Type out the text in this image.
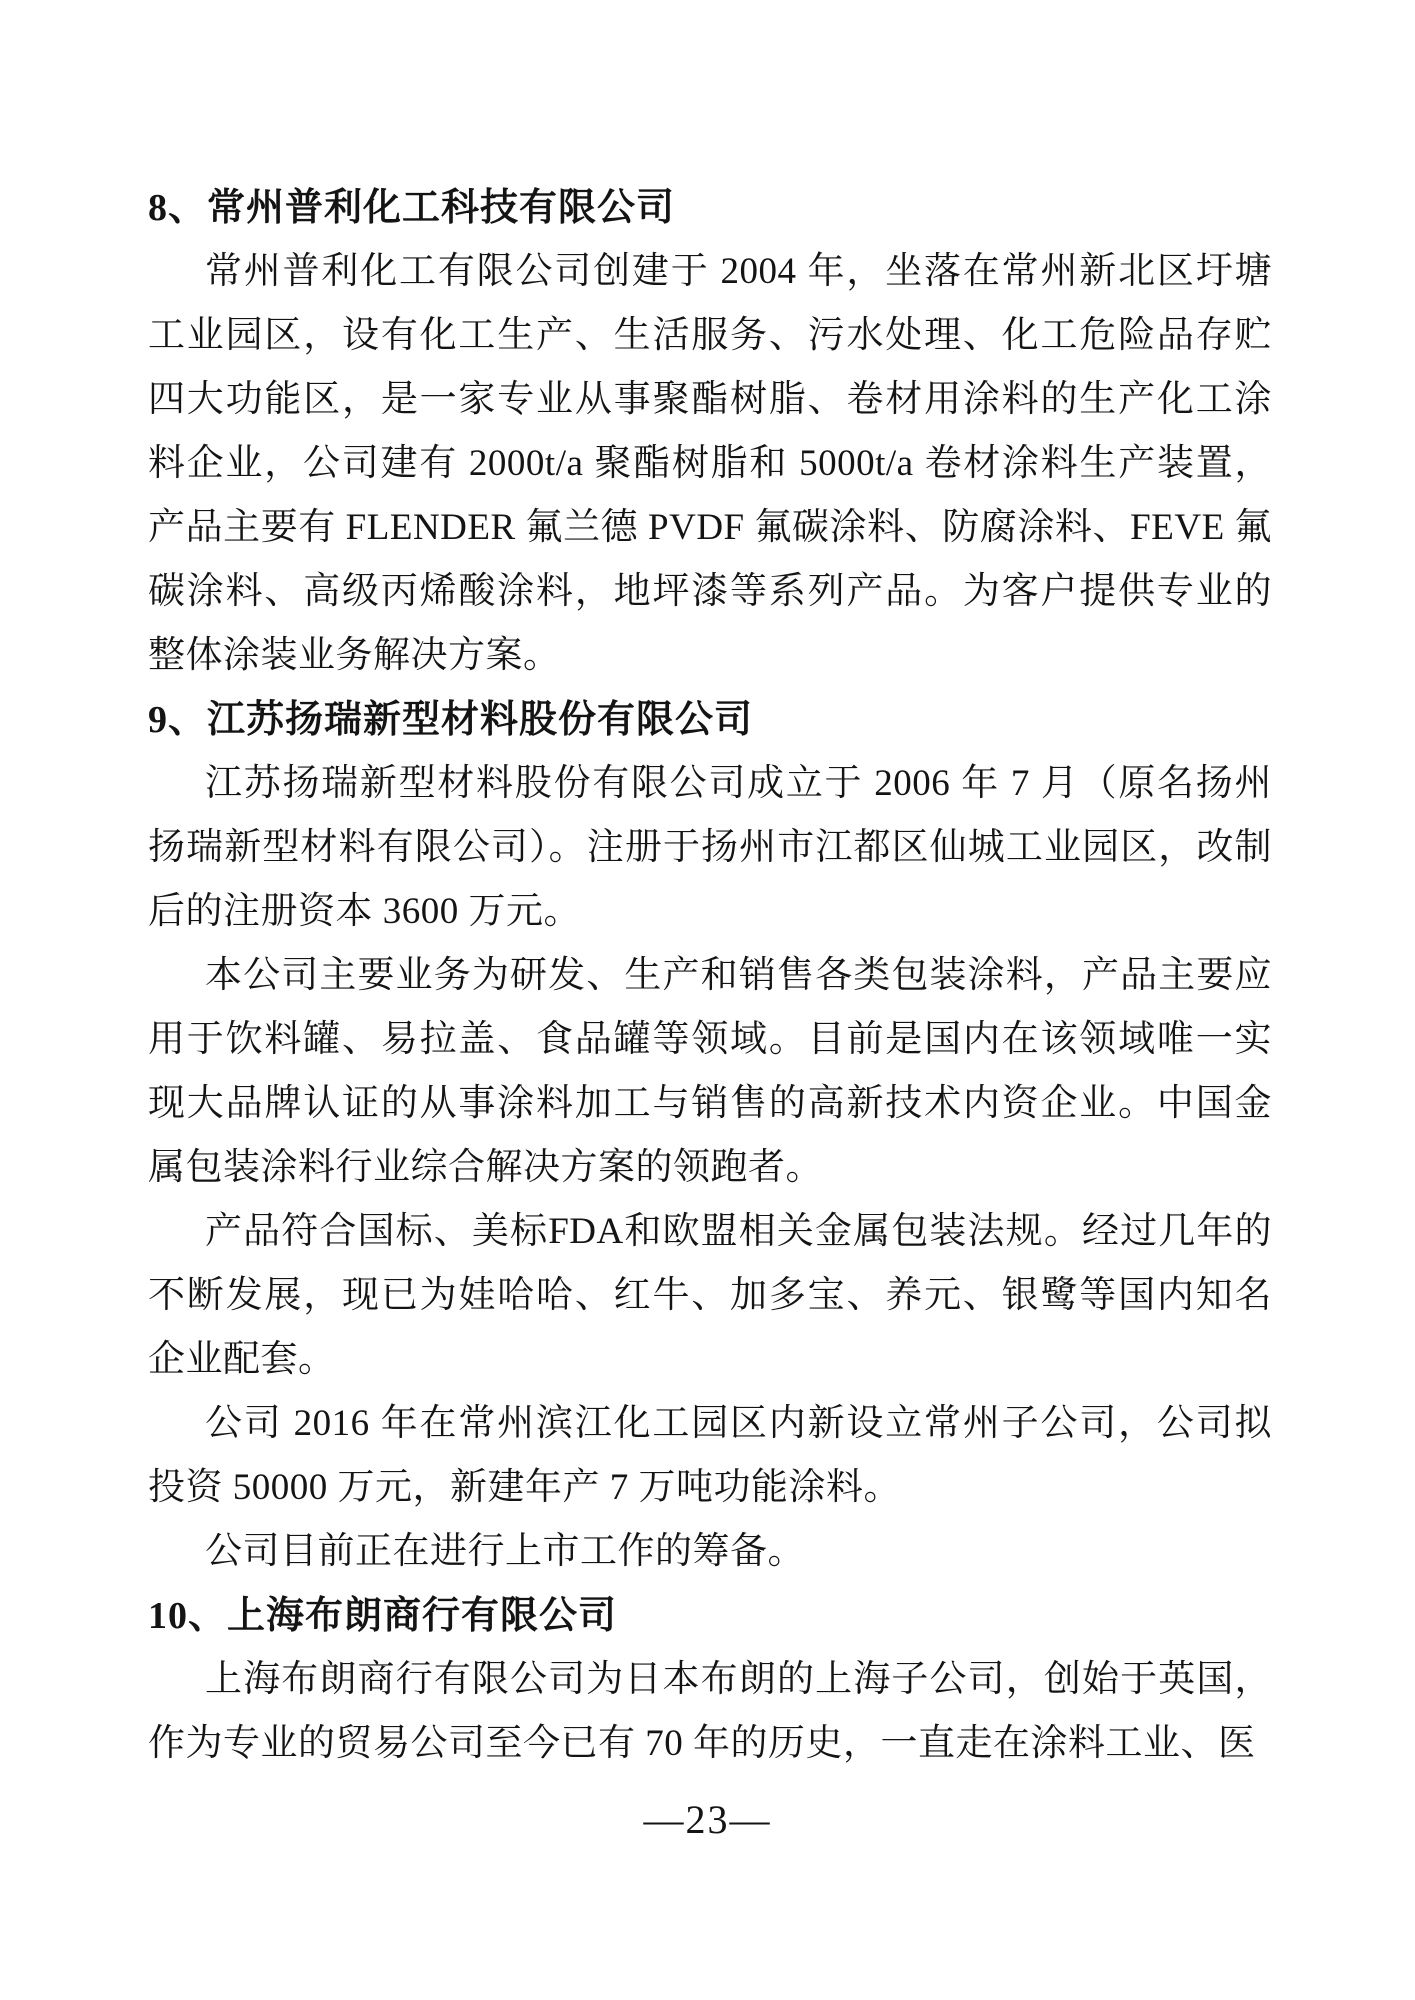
8、常州普利化工科技有限公司

常州普利化工有限公司创建于 2004 年，坐落在常州新北区圩塘工业园区，设有化工生产、生活服务、污水处理、化工危险品存贮四大功能区，是一家专业从事聚酯树脂、卷材用涂料的生产化工涂料企业，公司建有 2000t/a 聚酯树脂和 5000t/a 卷材涂料生产装置，产品主要有 FLENDER 氟兰德 PVDF 氟碳涂料、防腐涂料、FEVE 氟碳涂料、高级丙烯酸涂料，地坪漆等系列产品。为客户提供专业的整体涂装业务解决方案。

9、江苏扬瑞新型材料股份有限公司

江苏扬瑞新型材料股份有限公司成立于 2006 年 7 月（原名扬州扬瑞新型材料有限公司）。注册于扬州市江都区仙城工业园区，改制后的注册资本 3600 万元。

本公司主要业务为研发、生产和销售各类包装涂料，产品主要应用于饮料罐、易拉盖、食品罐等领域。目前是国内在该领域唯一实现大品牌认证的从事涂料加工与销售的高新技术内资企业。中国金属包装涂料行业综合解决方案的领跑者。

产品符合国标、美标FDA和欧盟相关金属包装法规。经过几年的不断发展，现已为娃哈哈、红牛、加多宝、养元、银鹭等国内知名企业配套。

公司 2016 年在常州滨江化工园区内新设立常州子公司，公司拟投资 50000 万元，新建年产 7 万吨功能涂料。

公司目前正在进行上市工作的筹备。

10、上海布朗商行有限公司

上海布朗商行有限公司为日本布朗的上海子公司，创始于英国，作为专业的贸易公司至今已有 70 年的历史，一直走在涂料工业、医

—23—
